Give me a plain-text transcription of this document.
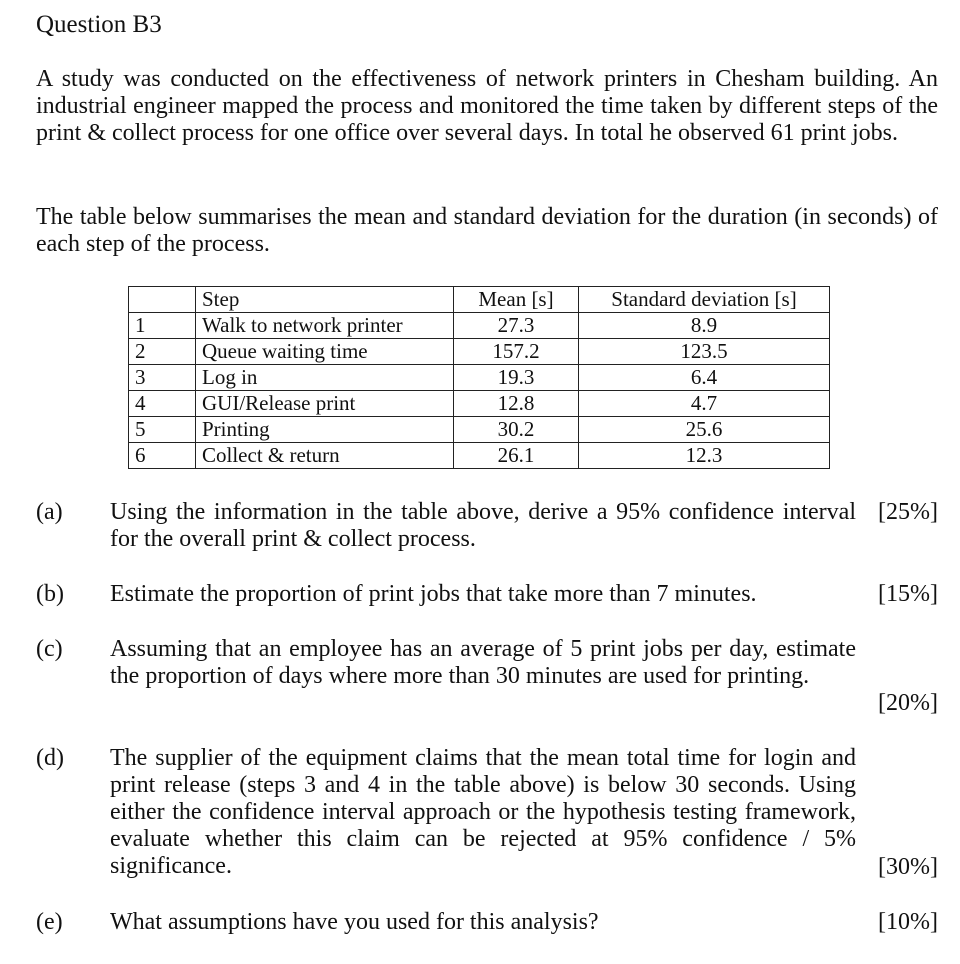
Question B3
A study was conducted on the effectiveness of network printers in Chesham building. An industrial engineer mapped the process and monitored the time taken by different steps of the print & collect process for one office over several days. In total he observed 61 print jobs.
The table below summarises the mean and standard deviation for the duration (in seconds) of each step of the process.
	Step	Mean [s]	Standard deviation [s]
1	Walk to network printer	27.3	8.9
2	Queue waiting time	157.2	123.5
3	Log in	19.3	6.4
4	GUI/Release print	12.8	4.7
5	Printing	30.2	25.6
6	Collect & return	26.1	12.3
(a) Using the information in the table above, derive a 95% confidence interval for the overall print & collect process.
[25%]
(b) Estimate the proportion of print jobs that take more than 7 minutes.	[15%]
(c) Assuming that an employee has an average of 5 print jobs per day, estimate the proportion of days where more than 30 minutes are used for printing.
[20%]
(d) The supplier of the equipment claims that the mean total time for login and print release (steps 3 and 4 in the table above) is below 30 seconds. Using either the confidence interval approach or the hypothesis testing framework, evaluate whether this claim can be rejected at 95% confidence / 5% significance.	[30%]
(e) What assumptions have you used for this analysis?	[10%]
